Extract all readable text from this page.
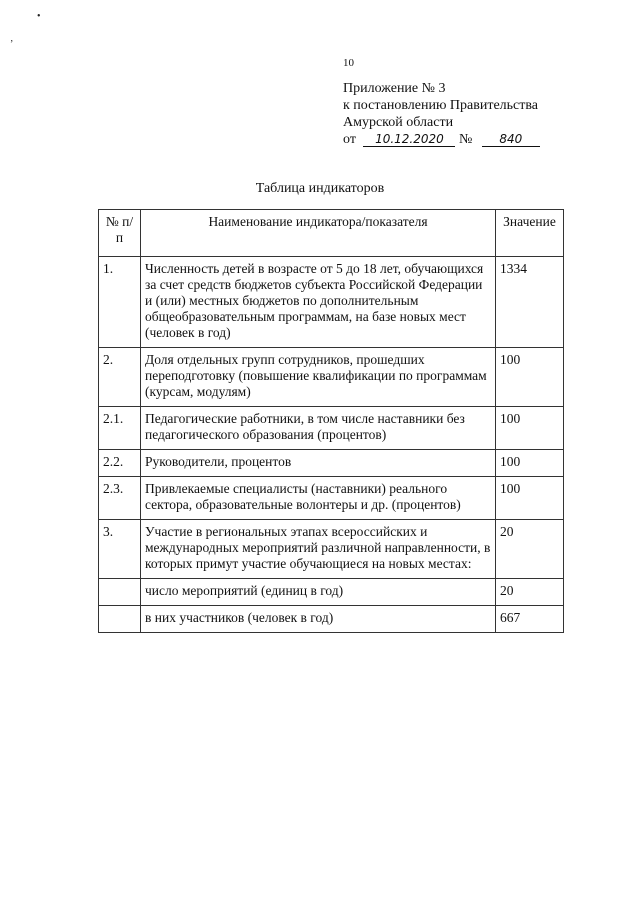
•
ʼ
10
Приложение № 3
к постановлению Правительства
Амурской области
от 10.12.2020 № 840
Таблица индикаторов
№ п/п	Наименование индикатора/показателя	Значение
1.	Численность детей в возрасте от 5 до 18 лет, обучающихся за счет средств бюджетов субъекта Российской Федерации и (или) местных бюджетов по дополнительным общеобразовательным программам, на базе новых мест (человек в год)	1334
2.	Доля отдельных групп сотрудников, прошедших переподготовку (повышение квалификации по программам (курсам, модулям)	100
2.1.	Педагогические работники, в том числе наставники без педагогического образования (процентов)	100
2.2.	Руководители, процентов	100
2.3.	Привлекаемые специалисты (наставники) реального сектора, образовательные волонтеры и др. (процентов)	100
3.	Участие в региональных этапах всероссийских и международных мероприятий различной направленности, в которых примут участие обучающиеся на новых местах:	20
	число мероприятий (единиц в год)	20
	в них участников (человек в год)	667
